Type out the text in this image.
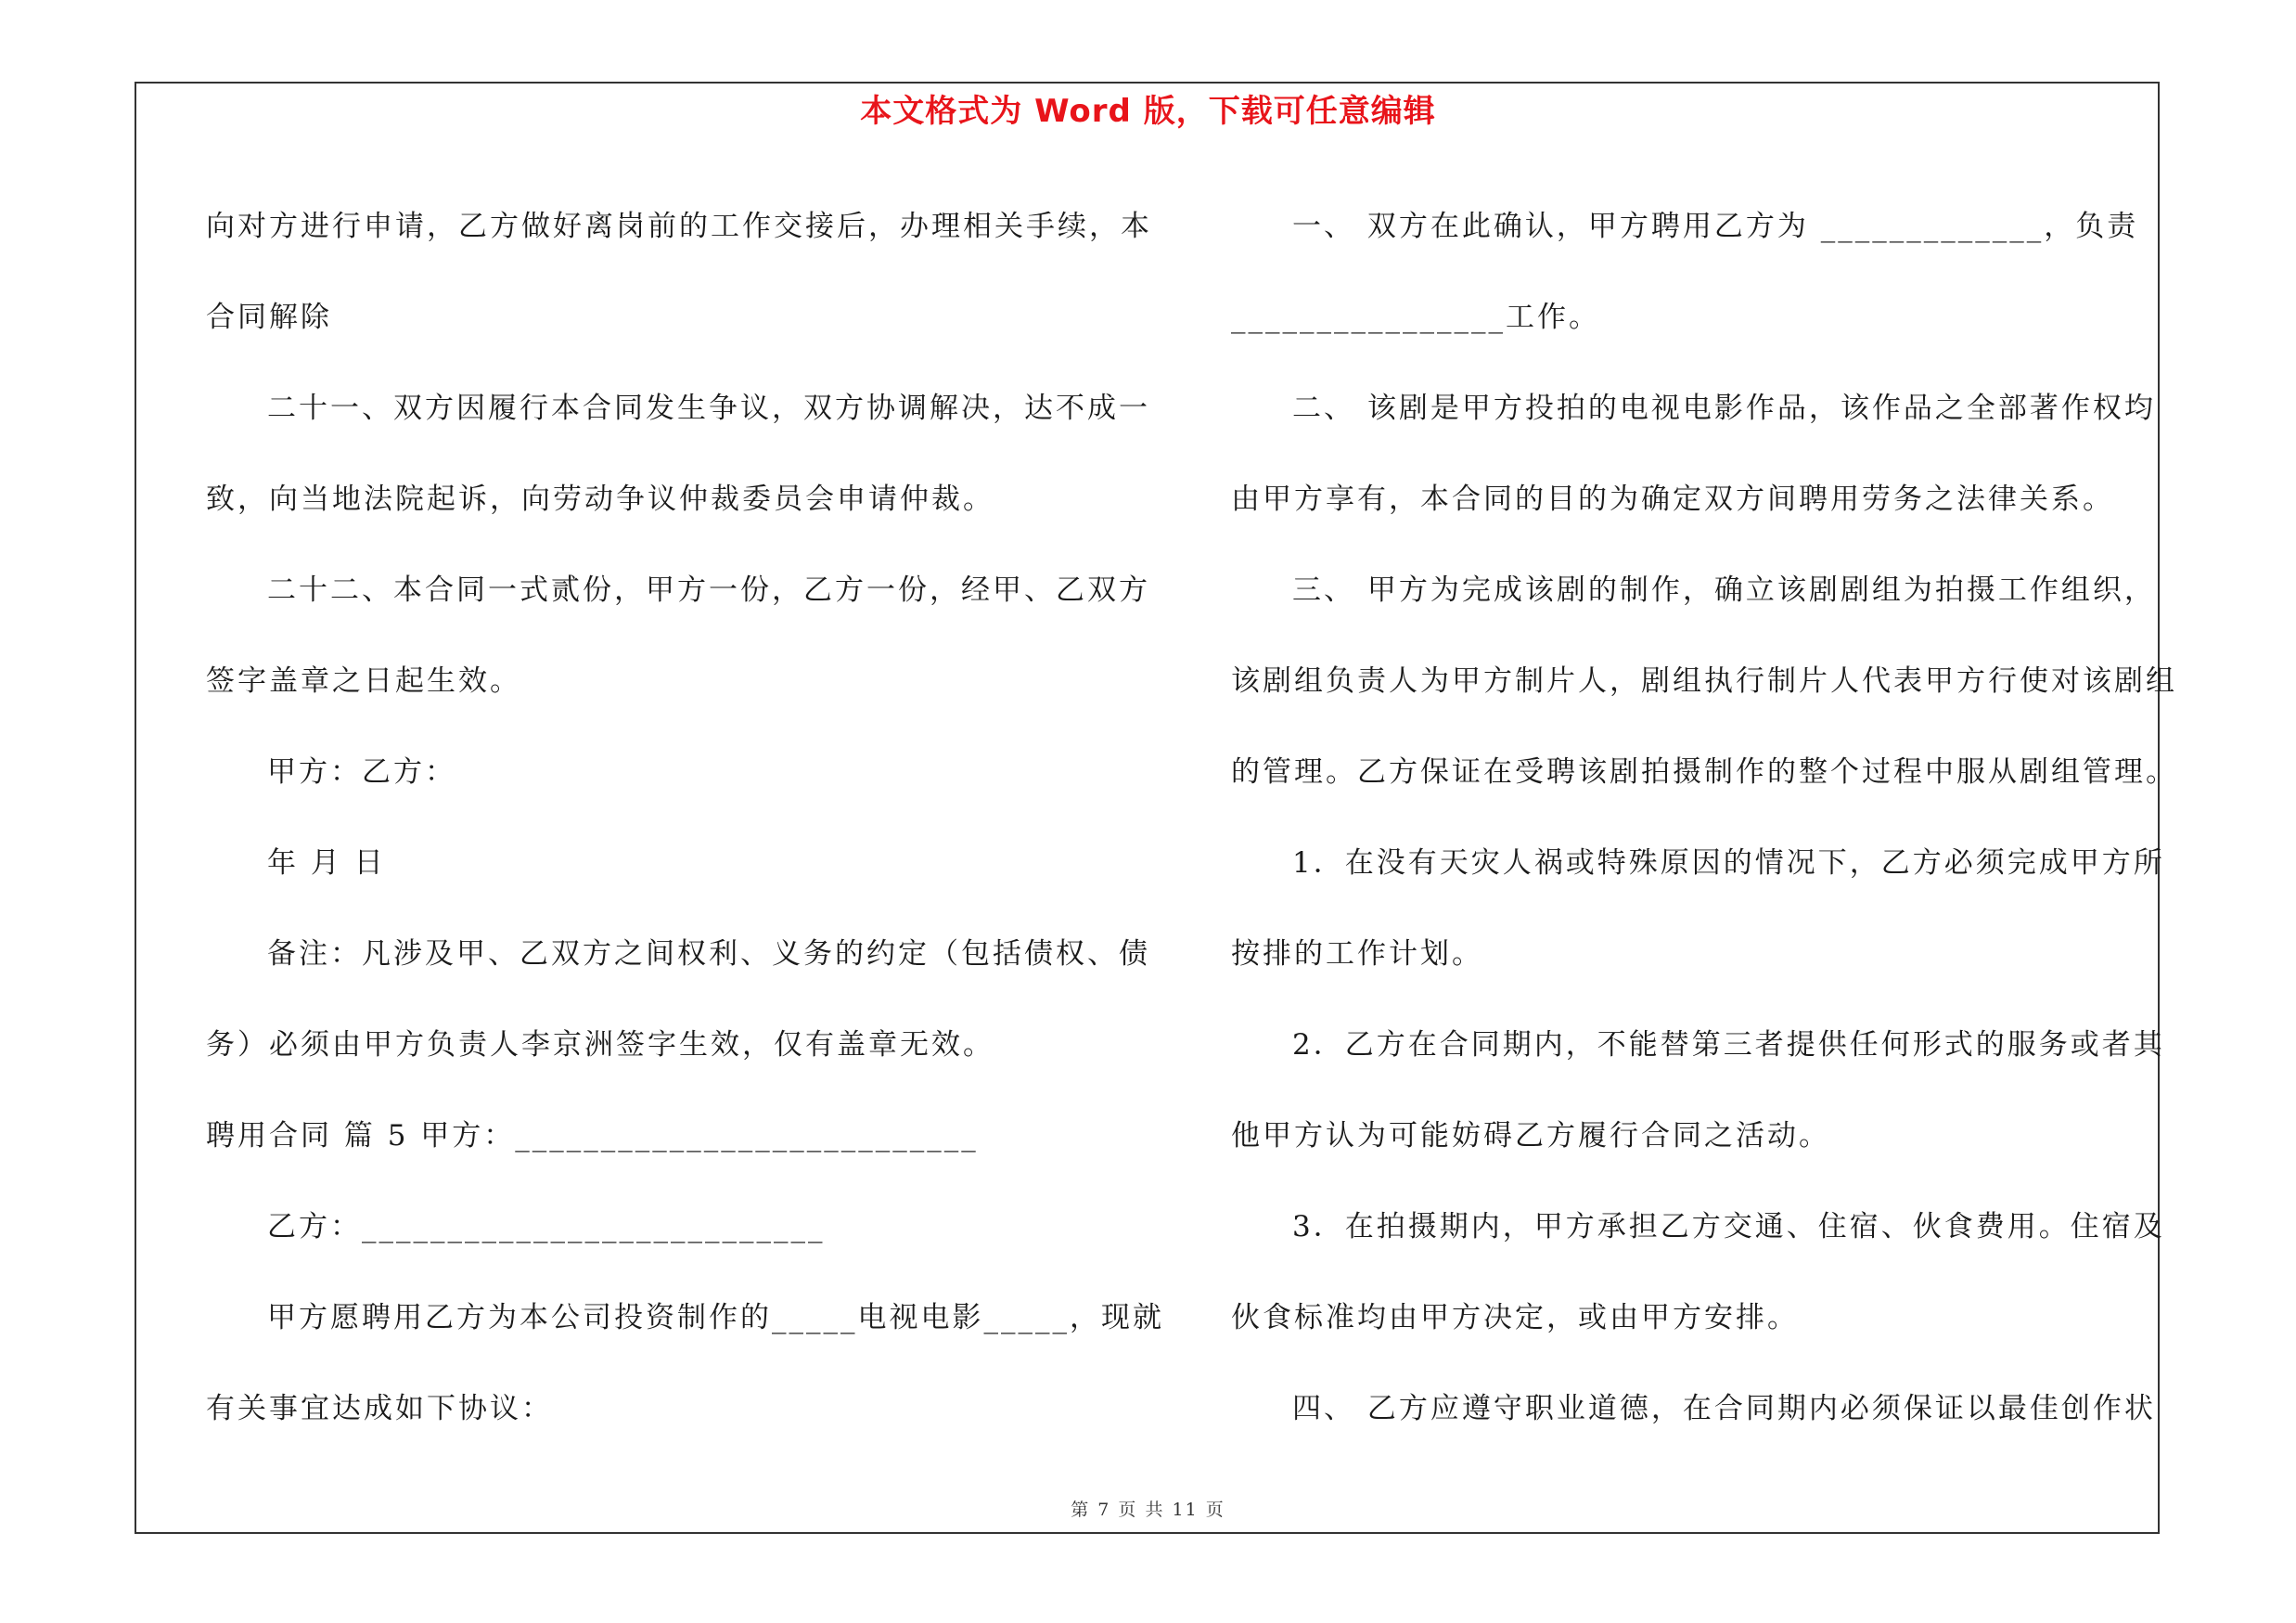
本文格式为 Word 版，下载可任意编辑
向对方进行申请，乙方做好离岗前的工作交接后，办理相关手续，本
合同解除
二十一、双方因履行本合同发生争议，双方协调解决，达不成一
致，向当地法院起诉，向劳动争议仲裁委员会申请仲裁。
二十二、本合同一式贰份，甲方一份，乙方一份，经甲、乙双方
签字盖章之日起生效。
甲方：乙方：
年 月 日
备注：凡涉及甲、乙双方之间权利、义务的约定（包括债权、债
务）必须由甲方负责人李京洲签字生效，仅有盖章无效。
聘用合同 篇 5 甲方：___________________________
乙方：___________________________
甲方愿聘用乙方为本公司投资制作的_____电视电影_____，现就
有关事宜达成如下协议：
一、 双方在此确认，甲方聘用乙方为 _____________，负责
________________工作。
二、 该剧是甲方投拍的电视电影作品，该作品之全部著作权均
由甲方享有，本合同的目的为确定双方间聘用劳务之法律关系。
三、 甲方为完成该剧的制作，确立该剧剧组为拍摄工作组织，
该剧组负责人为甲方制片人，剧组执行制片人代表甲方行使对该剧组
的管理。乙方保证在受聘该剧拍摄制作的整个过程中服从剧组管理。
1．在没有天灾人祸或特殊原因的情况下，乙方必须完成甲方所
按排的工作计划。
2．乙方在合同期内，不能替第三者提供任何形式的服务或者其
他甲方认为可能妨碍乙方履行合同之活动。
3．在拍摄期内，甲方承担乙方交通、住宿、伙食费用。住宿及
伙食标准均由甲方决定，或由甲方安排。
四、 乙方应遵守职业道德，在合同期内必须保证以最佳创作状
第 7 页 共 11 页
